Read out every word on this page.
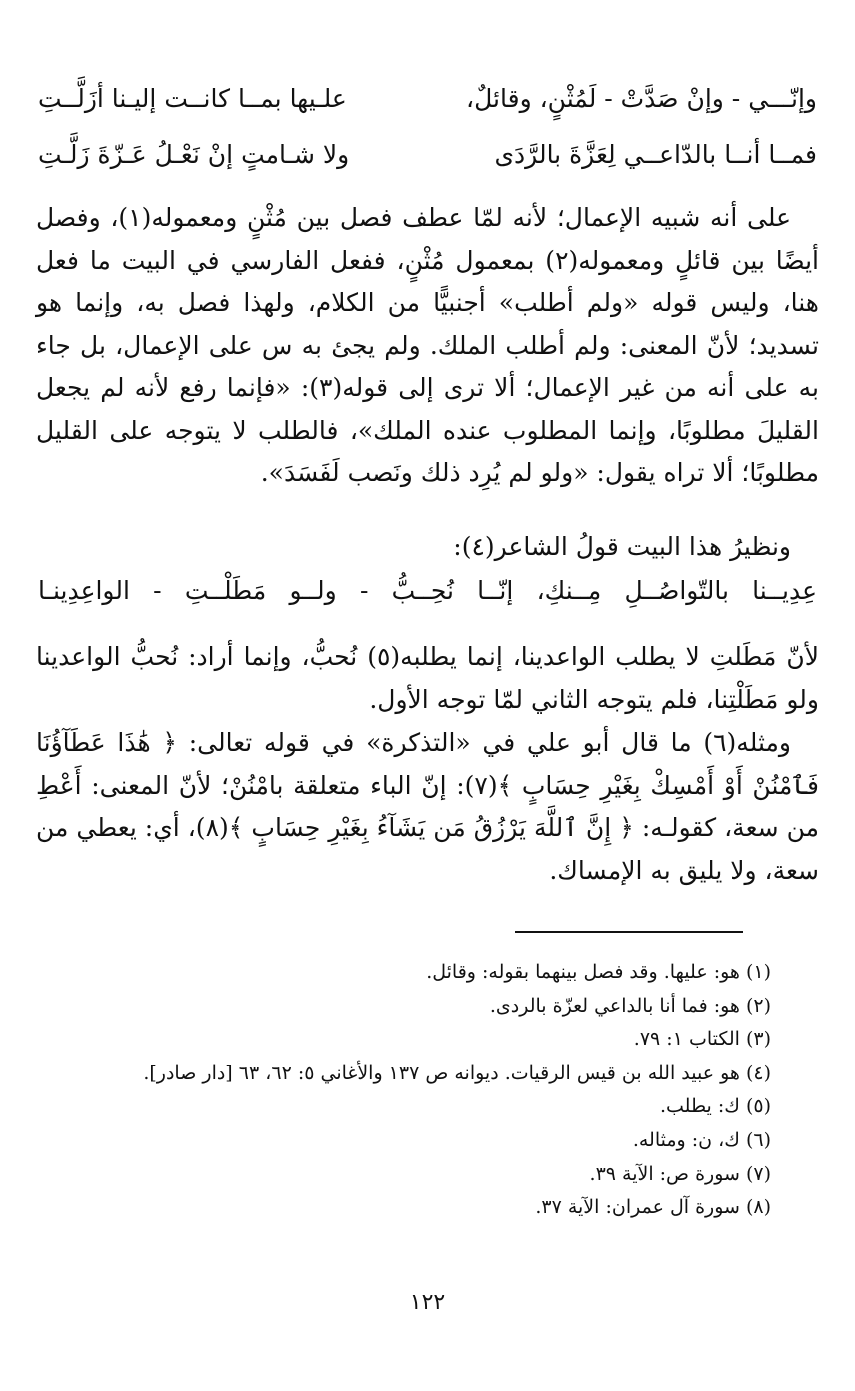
وإنّـــي - وإنْ صَدَّتْ - لَمُثْنٍ، وقائلٌ،
علـيها بمــا كانــت إليـنا أزَلَّــتِ
فمــا أنــا بالدّاعــي لِعَزَّةَ بالرَّدَى
ولا شـامتٍ إنْ نَعْـلُ عَـزّةَ زَلَّـتِ

على أنه شبيه الإعمال؛ لأنه لمّا عطف فصل بين مُثْنٍ ومعموله(١)، وفصل أيضًا بين قائلٍ ومعموله(٢) بمعمول مُثْنٍ، ففعل الفارسي في البيت ما فعل هنا، وليس قوله «ولم أطلب» أجنبيًّا من الكلام، ولهذا فصل به، وإنما هو تسديد؛ لأنّ المعنى: ولم أطلب الملك. ولم يجئ به س على الإعمال، بل جاء به على أنه من غير الإعمال؛ ألا ترى إلى قوله(٣): «فإنما رفع لأنه لم يجعل القليلَ مطلوبًا، وإنما المطلوب عنده الملك»، فالطلب لا يتوجه على القليل مطلوبًا؛ ألا تراه يقول: «ولو لم يُرِد ذلك ونَصب لَفَسَدَ».

ونظيرُ هذا البيت قولُ الشاعر(٤):

عِدِيــنا بالتّواصُــلِ مِــنكِ، إنّــا نُحِــبُّ - ولــو مَطَلْــتِ - الواعِدِينـا

لأنّ مَطَلتِ لا يطلب الواعدينا، إنما يطلبه(٥) نُحبُّ، وإنما أراد: نُحبُّ الواعدينا ولو مَطَلْتِنا، فلم يتوجه الثاني لمّا توجه الأول.

ومثله(٦) ما قال أبو علي في «التذكرة» في قوله تعالى: ﴿ هَٰذَا عَطَآؤُنَا فَٱمْنُنْ أَوْ أَمْسِكْ بِغَيْرِ حِسَابٍ ﴾(٧): إنّ الباء متعلقة بامْنُنْ؛ لأنّ المعنى: أَعْطِ من سعة، كقولـه: ﴿ إِنَّ ٱللَّهَ يَرْزُقُ مَن يَشَآءُ بِغَيْرِ حِسَابٍ ﴾(٨)، أي: يعطي من سعة، ولا يليق به الإمساك.

(١)هو: عليها. وقد فصل بينهما بقوله: وقائل.
(٢)هو: فما أنا بالداعي لعزّة بالردى.
(٣)الكتاب ١: ٧٩.
(٤)هو عبيد الله بن قيس الرقيات. ديوانه ص ١٣٧ والأغاني ٥: ٦٢، ٦٣ [دار صادر].
(٥)ك: يطلب.
(٦)ك، ن: ومثاله.
(٧)سورة ص: الآية ٣٩.
(٨)سورة آل عمران: الآية ٣٧.
١٢٢
